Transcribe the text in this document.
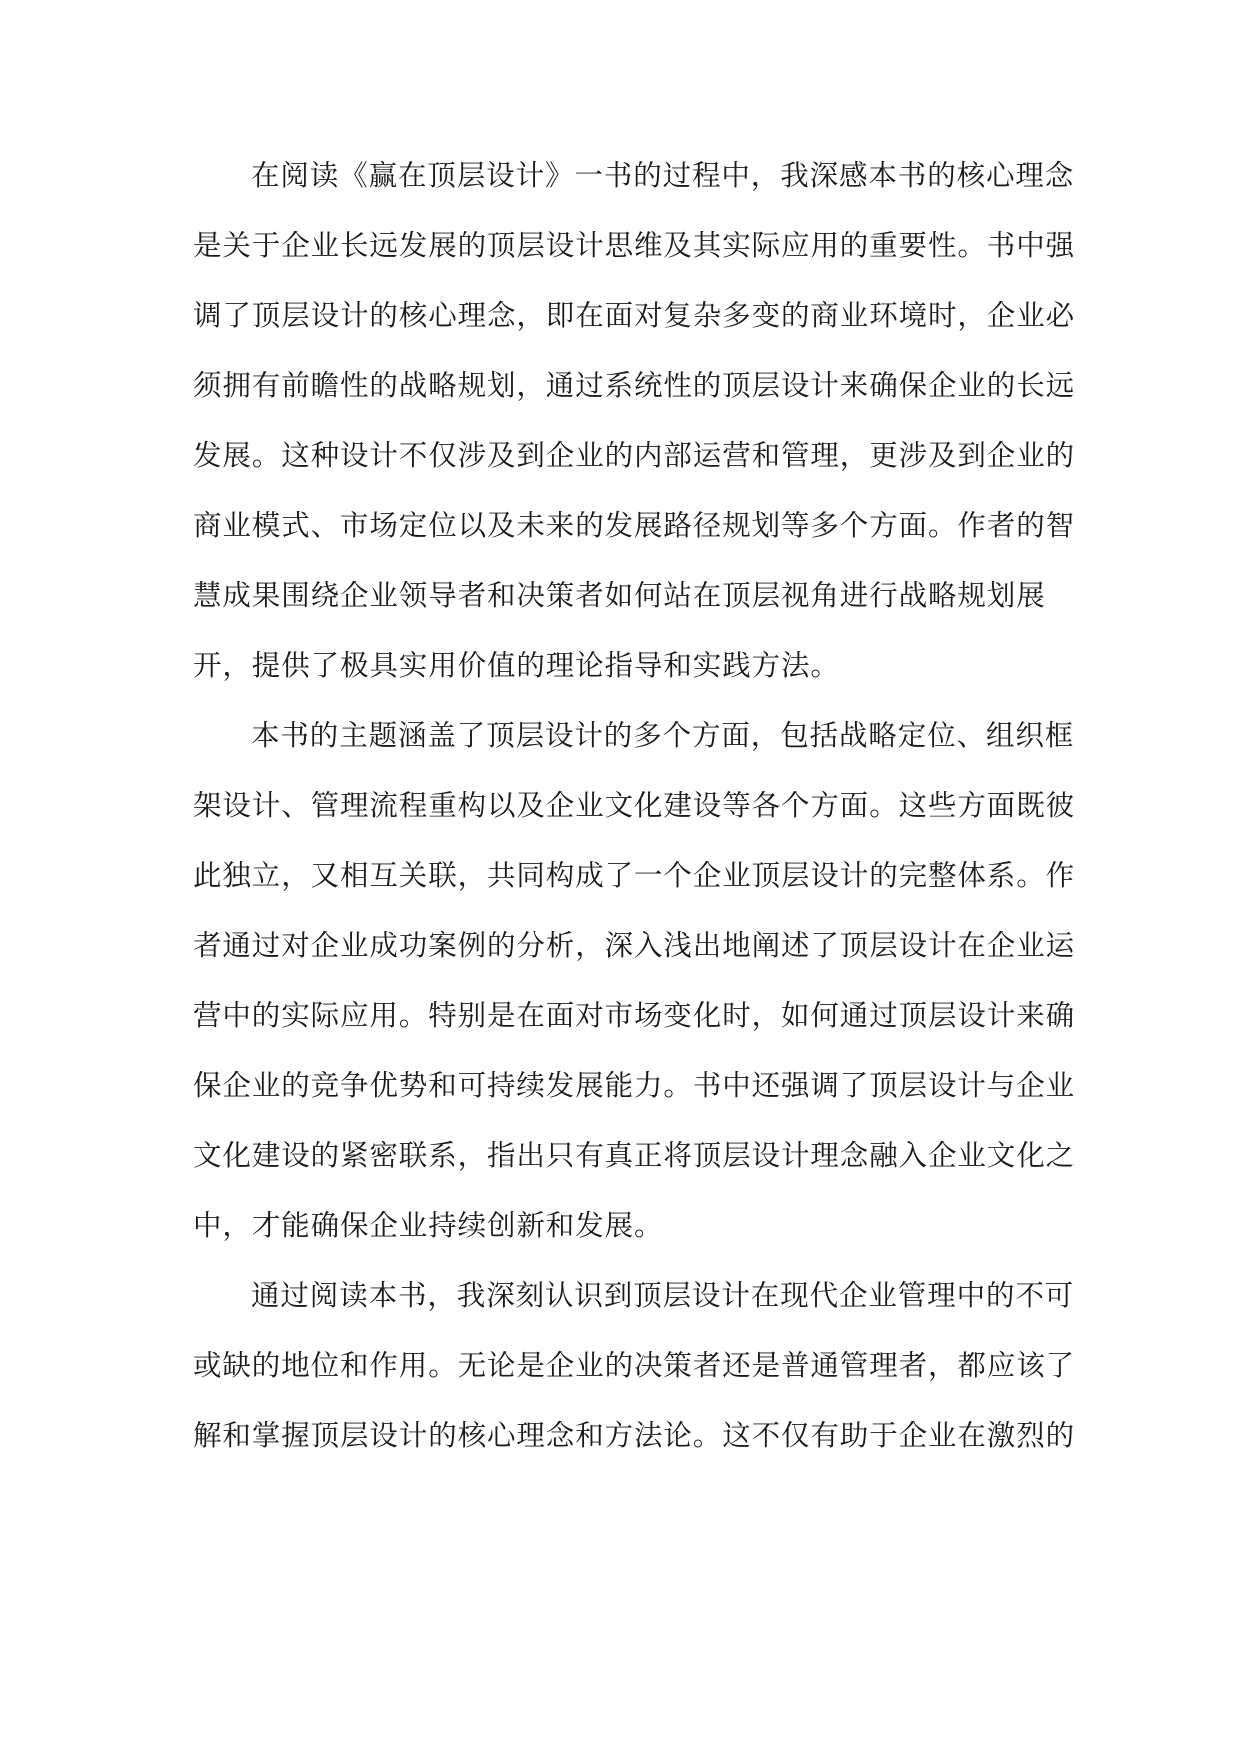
在阅读《赢在顶层设计》一书的过程中，我深感本书的核心理念
是关于企业长远发展的顶层设计思维及其实际应用的重要性。书中强
调了顶层设计的核心理念，即在面对复杂多变的商业环境时，企业必
须拥有前瞻性的战略规划，通过系统性的顶层设计来确保企业的长远
发展。这种设计不仅涉及到企业的内部运营和管理，更涉及到企业的
商业模式、市场定位以及未来的发展路径规划等多个方面。作者的智
慧成果围绕企业领导者和决策者如何站在顶层视角进行战略规划展
开，提供了极具实用价值的理论指导和实践方法。
本书的主题涵盖了顶层设计的多个方面，包括战略定位、组织框
架设计、管理流程重构以及企业文化建设等各个方面。这些方面既彼
此独立，又相互关联，共同构成了一个企业顶层设计的完整体系。作
者通过对企业成功案例的分析，深入浅出地阐述了顶层设计在企业运
营中的实际应用。特别是在面对市场变化时，如何通过顶层设计来确
保企业的竞争优势和可持续发展能力。书中还强调了顶层设计与企业
文化建设的紧密联系，指出只有真正将顶层设计理念融入企业文化之
中，才能确保企业持续创新和发展。
通过阅读本书，我深刻认识到顶层设计在现代企业管理中的不可
或缺的地位和作用。无论是企业的决策者还是普通管理者，都应该了
解和掌握顶层设计的核心理念和方法论。这不仅有助于企业在激烈的
